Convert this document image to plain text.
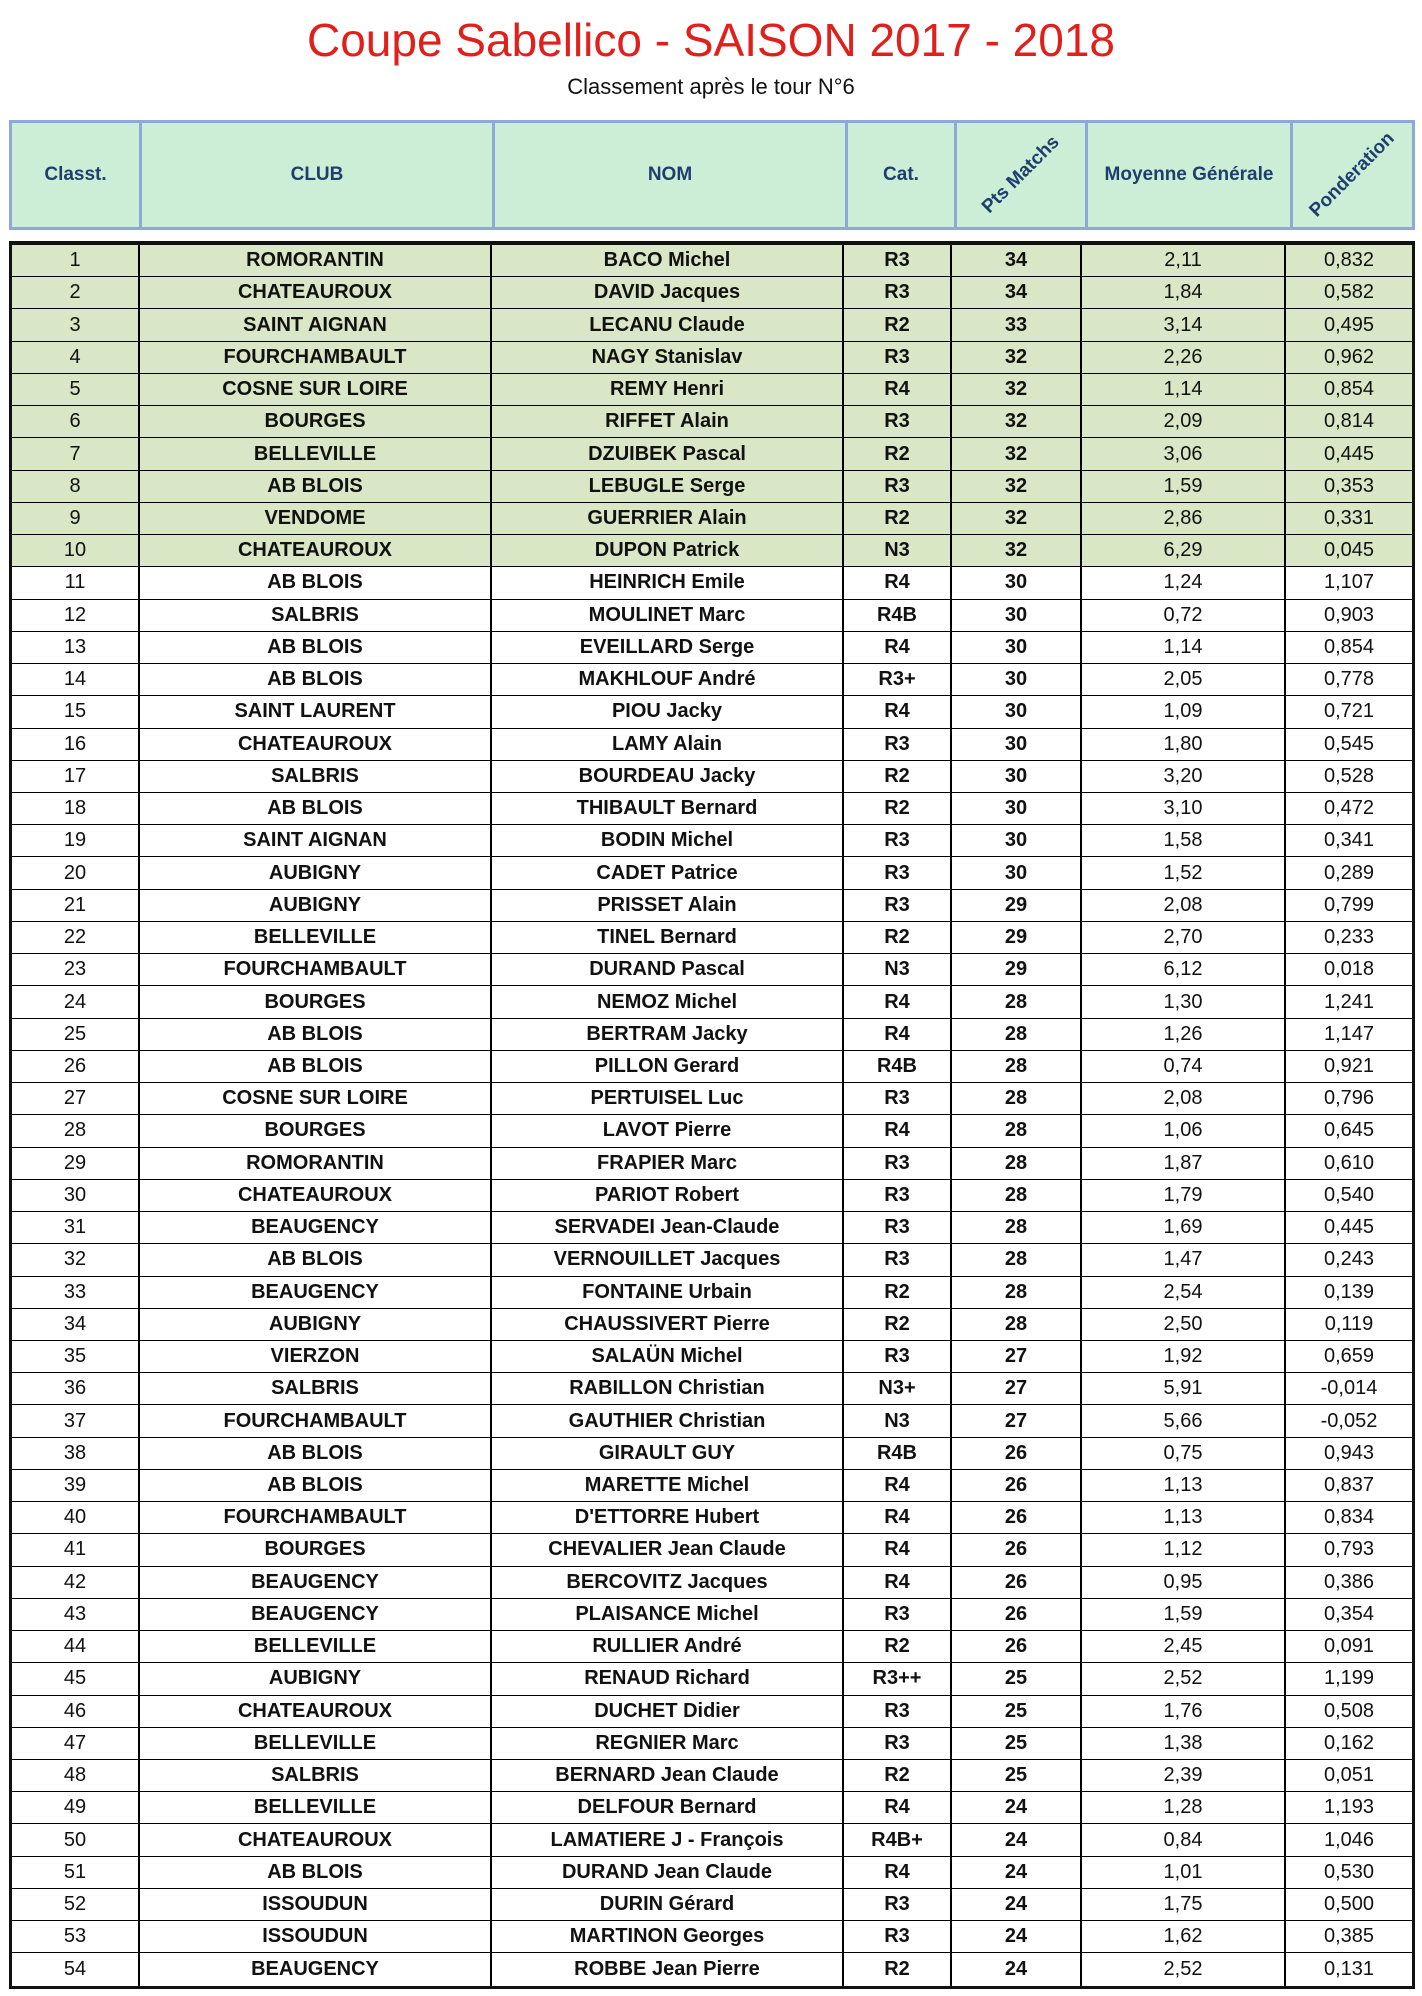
Coupe Sabellico - SAISON 2017 - 2018
Classement après le tour N°6
Classt.	CLUB	NOM	Cat.	Pts Matchs	Moyenne Générale	Ponderation
1	ROMORANTIN	BACO Michel	R3	34	2,11	0,832
2	CHATEAUROUX	DAVID Jacques	R3	34	1,84	0,582
3	SAINT AIGNAN	LECANU Claude	R2	33	3,14	0,495
4	FOURCHAMBAULT	NAGY Stanislav	R3	32	2,26	0,962
5	COSNE SUR LOIRE	REMY Henri	R4	32	1,14	0,854
6	BOURGES	RIFFET Alain	R3	32	2,09	0,814
7	BELLEVILLE	DZUIBEK Pascal	R2	32	3,06	0,445
8	AB BLOIS	LEBUGLE Serge	R3	32	1,59	0,353
9	VENDOME	GUERRIER Alain	R2	32	2,86	0,331
10	CHATEAUROUX	DUPON Patrick	N3	32	6,29	0,045
11	AB BLOIS	HEINRICH Emile	R4	30	1,24	1,107
12	SALBRIS	MOULINET Marc	R4B	30	0,72	0,903
13	AB BLOIS	EVEILLARD Serge	R4	30	1,14	0,854
14	AB BLOIS	MAKHLOUF André	R3+	30	2,05	0,778
15	SAINT LAURENT	PIOU Jacky	R4	30	1,09	0,721
16	CHATEAUROUX	LAMY Alain	R3	30	1,80	0,545
17	SALBRIS	BOURDEAU Jacky	R2	30	3,20	0,528
18	AB BLOIS	THIBAULT Bernard	R2	30	3,10	0,472
19	SAINT AIGNAN	BODIN Michel	R3	30	1,58	0,341
20	AUBIGNY	CADET Patrice	R3	30	1,52	0,289
21	AUBIGNY	PRISSET Alain	R3	29	2,08	0,799
22	BELLEVILLE	TINEL Bernard	R2	29	2,70	0,233
23	FOURCHAMBAULT	DURAND Pascal	N3	29	6,12	0,018
24	BOURGES	NEMOZ Michel	R4	28	1,30	1,241
25	AB BLOIS	BERTRAM Jacky	R4	28	1,26	1,147
26	AB BLOIS	PILLON Gerard	R4B	28	0,74	0,921
27	COSNE SUR LOIRE	PERTUISEL Luc	R3	28	2,08	0,796
28	BOURGES	LAVOT Pierre	R4	28	1,06	0,645
29	ROMORANTIN	FRAPIER Marc	R3	28	1,87	0,610
30	CHATEAUROUX	PARIOT Robert	R3	28	1,79	0,540
31	BEAUGENCY	SERVADEI Jean-Claude	R3	28	1,69	0,445
32	AB BLOIS	VERNOUILLET Jacques	R3	28	1,47	0,243
33	BEAUGENCY	FONTAINE Urbain	R2	28	2,54	0,139
34	AUBIGNY	CHAUSSIVERT Pierre	R2	28	2,50	0,119
35	VIERZON	SALAÜN Michel	R3	27	1,92	0,659
36	SALBRIS	RABILLON Christian	N3+	27	5,91	-0,014
37	FOURCHAMBAULT	GAUTHIER Christian	N3	27	5,66	-0,052
38	AB BLOIS	GIRAULT GUY	R4B	26	0,75	0,943
39	AB BLOIS	MARETTE Michel	R4	26	1,13	0,837
40	FOURCHAMBAULT	D'ETTORRE Hubert	R4	26	1,13	0,834
41	BOURGES	CHEVALIER Jean Claude	R4	26	1,12	0,793
42	BEAUGENCY	BERCOVITZ Jacques	R4	26	0,95	0,386
43	BEAUGENCY	PLAISANCE Michel	R3	26	1,59	0,354
44	BELLEVILLE	RULLIER André	R2	26	2,45	0,091
45	AUBIGNY	RENAUD Richard	R3++	25	2,52	1,199
46	CHATEAUROUX	DUCHET Didier	R3	25	1,76	0,508
47	BELLEVILLE	REGNIER Marc	R3	25	1,38	0,162
48	SALBRIS	BERNARD Jean Claude	R2	25	2,39	0,051
49	BELLEVILLE	DELFOUR Bernard	R4	24	1,28	1,193
50	CHATEAUROUX	LAMATIERE J - François	R4B+	24	0,84	1,046
51	AB BLOIS	DURAND Jean Claude	R4	24	1,01	0,530
52	ISSOUDUN	DURIN Gérard	R3	24	1,75	0,500
53	ISSOUDUN	MARTINON Georges	R3	24	1,62	0,385
54	BEAUGENCY	ROBBE Jean Pierre	R2	24	2,52	0,131
